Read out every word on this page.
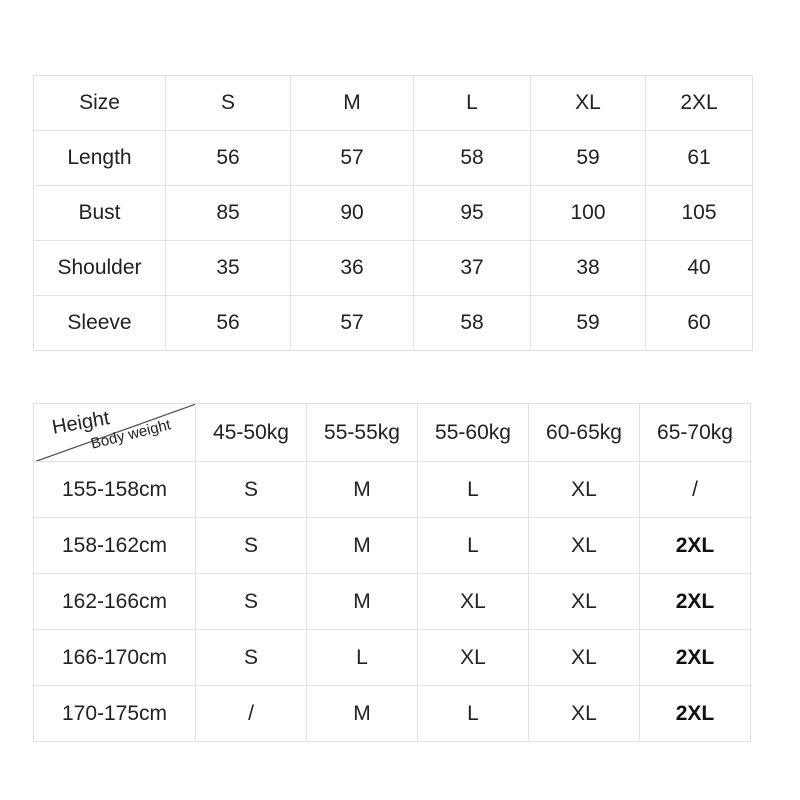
Size	S	M	L	XL	2XL
Length	56	57	58	59	61
Bust	85	90	95	100	105
Shoulder	35	36	37	38	40
Sleeve	56	57	58	59	60
Height
Body weight	45-50kg	55-55kg	55-60kg	60-65kg	65-70kg
155-158cm	S	M	L	XL	/
158-162cm	S	M	L	XL	2XL
162-166cm	S	M	XL	XL	2XL
166-170cm	S	L	XL	XL	2XL
170-175cm	/	M	L	XL	2XL
